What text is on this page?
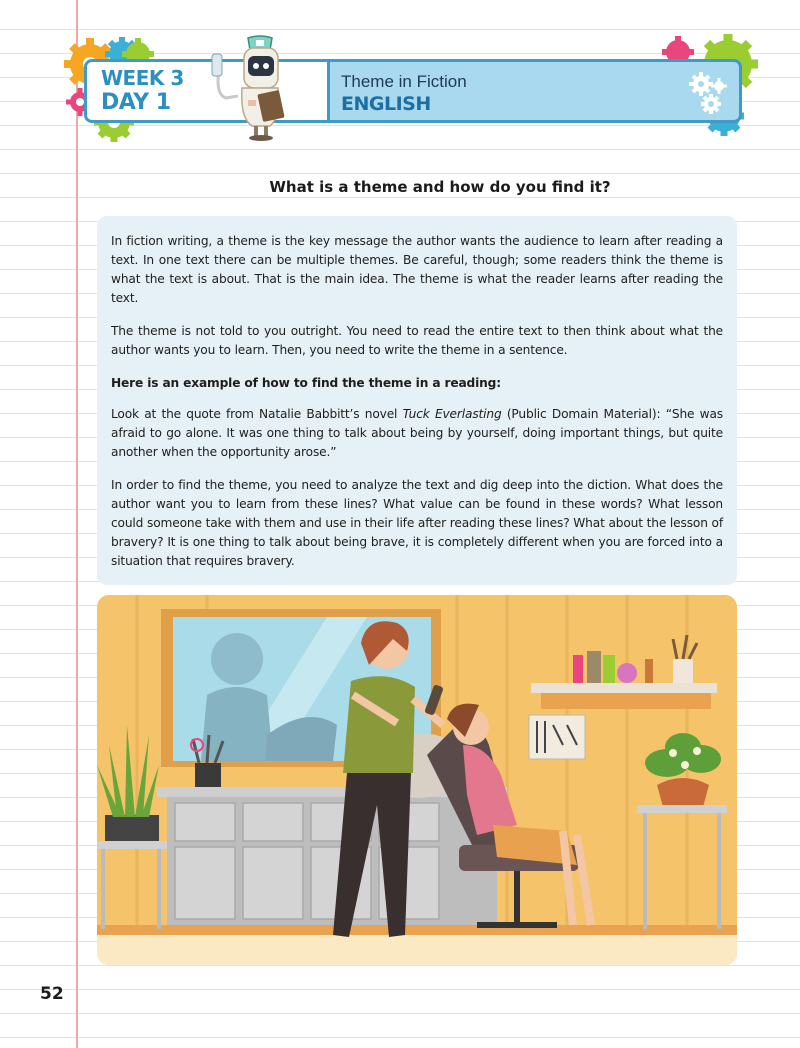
WEEK 3
DAY 1
Theme in Fiction
ENGLISH
What is a theme and how do you find it?

In fiction writing, a theme is the key message the author wants the audience to learn after reading a text. In one text there can be multiple themes. Be careful, though; some readers think the theme is what the text is about. That is the main idea. The theme is what the reader learns after reading the text.

The theme is not told to you outright. You need to read the entire text to then think about what the author wants you to learn. Then, you need to write the theme in a sentence.

Here is an example of how to find the theme in a reading:

Look at the quote from Natalie Babbitt’s novel Tuck Everlasting (Public Domain Material): “She was afraid to go alone. It was one thing to talk about being by yourself, doing important things, but quite another when the opportunity arose.”

In order to find the theme, you need to analyze the text and dig deep into the diction. What does the author want you to learn from these lines? What value can be found in these words? What lesson could someone take with them and use in their life after reading these lines? What about the lesson of bravery? It is one thing to talk about being brave, it is completely different when you are forced into a situation that requires bravery.

52
